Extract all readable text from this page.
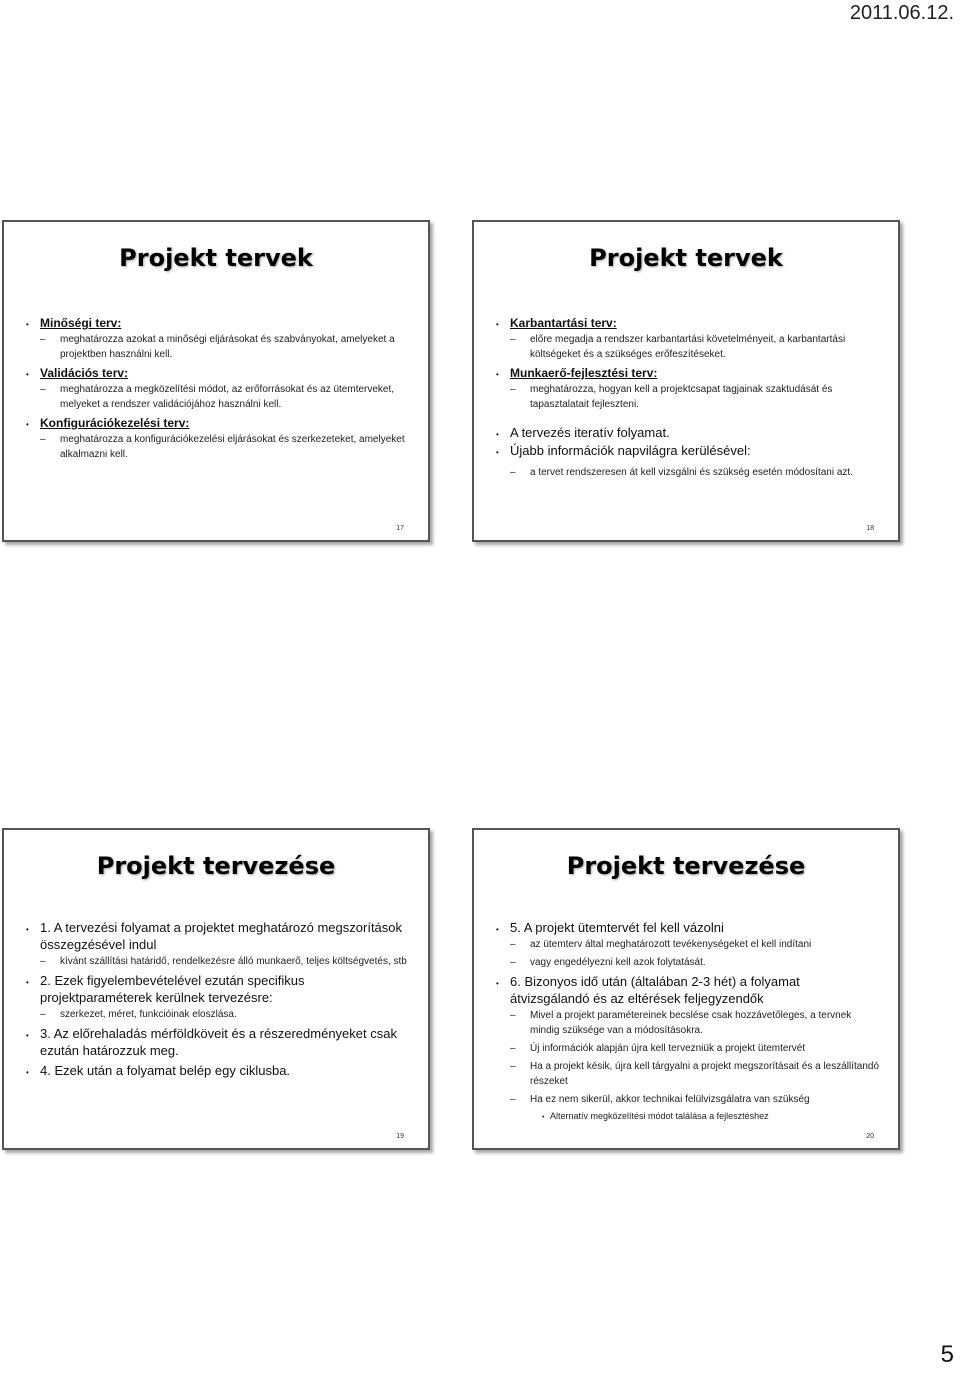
2011.06.12.
Projekt tervek
• Minőségi terv:
– meghatározza azokat a minőségi eljárásokat és szabványokat, amelyeket a projektben használni kell.
• Validációs terv:
– meghatározza a megközelítési módot, az erőforrásokat és az ütemterveket, melyeket a rendszer validációjához használni kell.
• Konfigurációkezelési terv:
– meghatározza a konfigurációkezelési eljárásokat és szerkezeteket, amelyeket alkalmazni kell.
17
Projekt tervek
• Karbantartási terv:
– előre megadja a rendszer karbantartási követelményeit, a karbantartási költségeket és a szükséges erőfeszítéseket.
• Munkaerő-fejlesztési terv:
– meghatározza, hogyan kell a projektcsapat tagjainak szaktudását és tapasztalatait fejleszteni.
• A tervezés iteratív folyamat.
• Újabb információk napvilágra kerülésével:
– a tervet rendszeresen át kell vizsgálni és szükség esetén módosítani azt.
18
Projekt tervezése
• 1. A tervezési folyamat a projektet meghatározó megszorítások összegzésével indul
– kívánt szállítási határidő, rendelkezésre álló munkaerő, teljes költségvetés, stb
• 2. Ezek figyelembevételével ezután specifikus projektparaméterek kerülnek tervezésre:
– szerkezet, méret, funkcióinak eloszlása.
• 3. Az előrehaladás mérföldköveit és a részeredményeket csak ezután határozzuk meg.
• 4. Ezek után a folyamat belép egy ciklusba.
19
Projekt tervezése
• 5. A projekt ütemtervét fel kell vázolni
– az ütemterv által meghatározott tevékenységeket el kell indítani
– vagy engedélyezni kell azok folytatását.
• 6. Bizonyos idő után (általában 2-3 hét) a folyamat átvizsgálandó és az eltérések feljegyzendők
– Mivel a projekt paramétereinek becslése csak hozzávetőleges, a tervnek mindig szüksége van a módosításokra.
– Új információk alapján újra kell tervezniük a projekt ütemtervét
– Ha a projekt késik, újra kell tárgyalni a projekt megszorításait és a leszállítandó részeket
– Ha ez nem sikerül, akkor technikai felülvizsgálatra van szükség
• Alternatív megközelítési módot találása a fejlesztéshez
20
5
